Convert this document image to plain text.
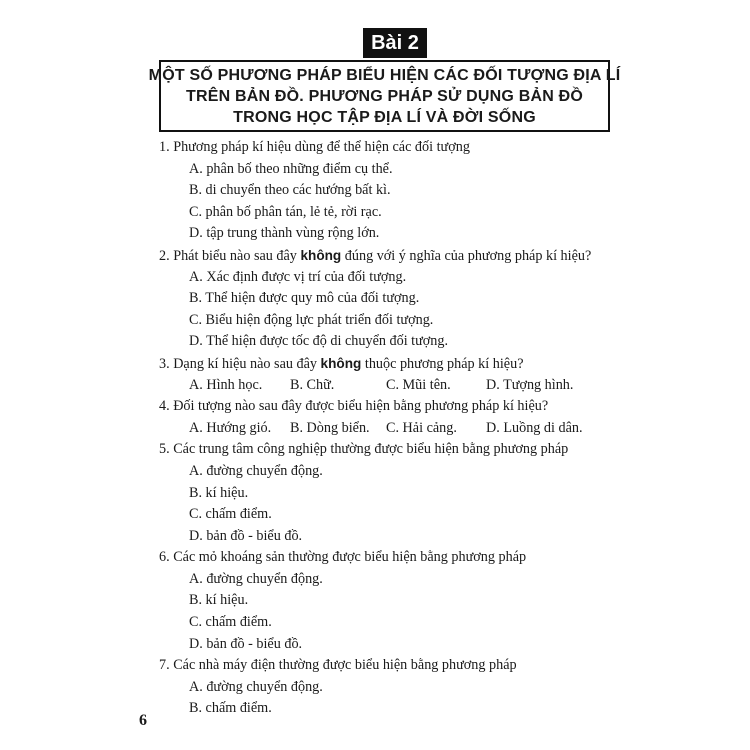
Bài 2
MỘT SỐ PHƯƠNG PHÁP BIỂU HIỆN CÁC ĐỐI TƯỢNG ĐỊA LÍ
TRÊN BẢN ĐỒ. PHƯƠNG PHÁP SỬ DỤNG BẢN ĐỒ
TRONG HỌC TẬP ĐỊA LÍ VÀ ĐỜI SỐNG
1. Phương pháp kí hiệu dùng để thể hiện các đối tượng
A. phân bố theo những điểm cụ thể.
B. di chuyển theo các hướng bất kì.
C. phân bố phân tán, lẻ tẻ, rời rạc.
D. tập trung thành vùng rộng lớn.
2. Phát biểu nào sau đây không đúng với ý nghĩa của phương pháp kí hiệu?
A. Xác định được vị trí của đối tượng.
B. Thể hiện được quy mô của đối tượng.
C. Biểu hiện động lực phát triển đối tượng.
D. Thể hiện được tốc độ di chuyển đối tượng.
3. Dạng kí hiệu nào sau đây không thuộc phương pháp kí hiệu?
A. Hình học.	B. Chữ.	C. Mũi tên.	D. Tượng hình.
4. Đối tượng nào sau đây được biểu hiện bằng phương pháp kí hiệu?
A. Hướng gió.	B. Dòng biển.	C. Hải cảng.	D. Luồng di dân.
5. Các trung tâm công nghiệp thường được biểu hiện bằng phương pháp
A. đường chuyển động.
B. kí hiệu.
C. chấm điểm.
D. bản đồ - biểu đồ.
6. Các mỏ khoáng sản thường được biểu hiện bằng phương pháp
A. đường chuyển động.
B. kí hiệu.
C. chấm điểm.
D. bản đồ - biểu đồ.
7. Các nhà máy điện thường được biểu hiện bằng phương pháp
A. đường chuyển động.
B. chấm điểm.
6
